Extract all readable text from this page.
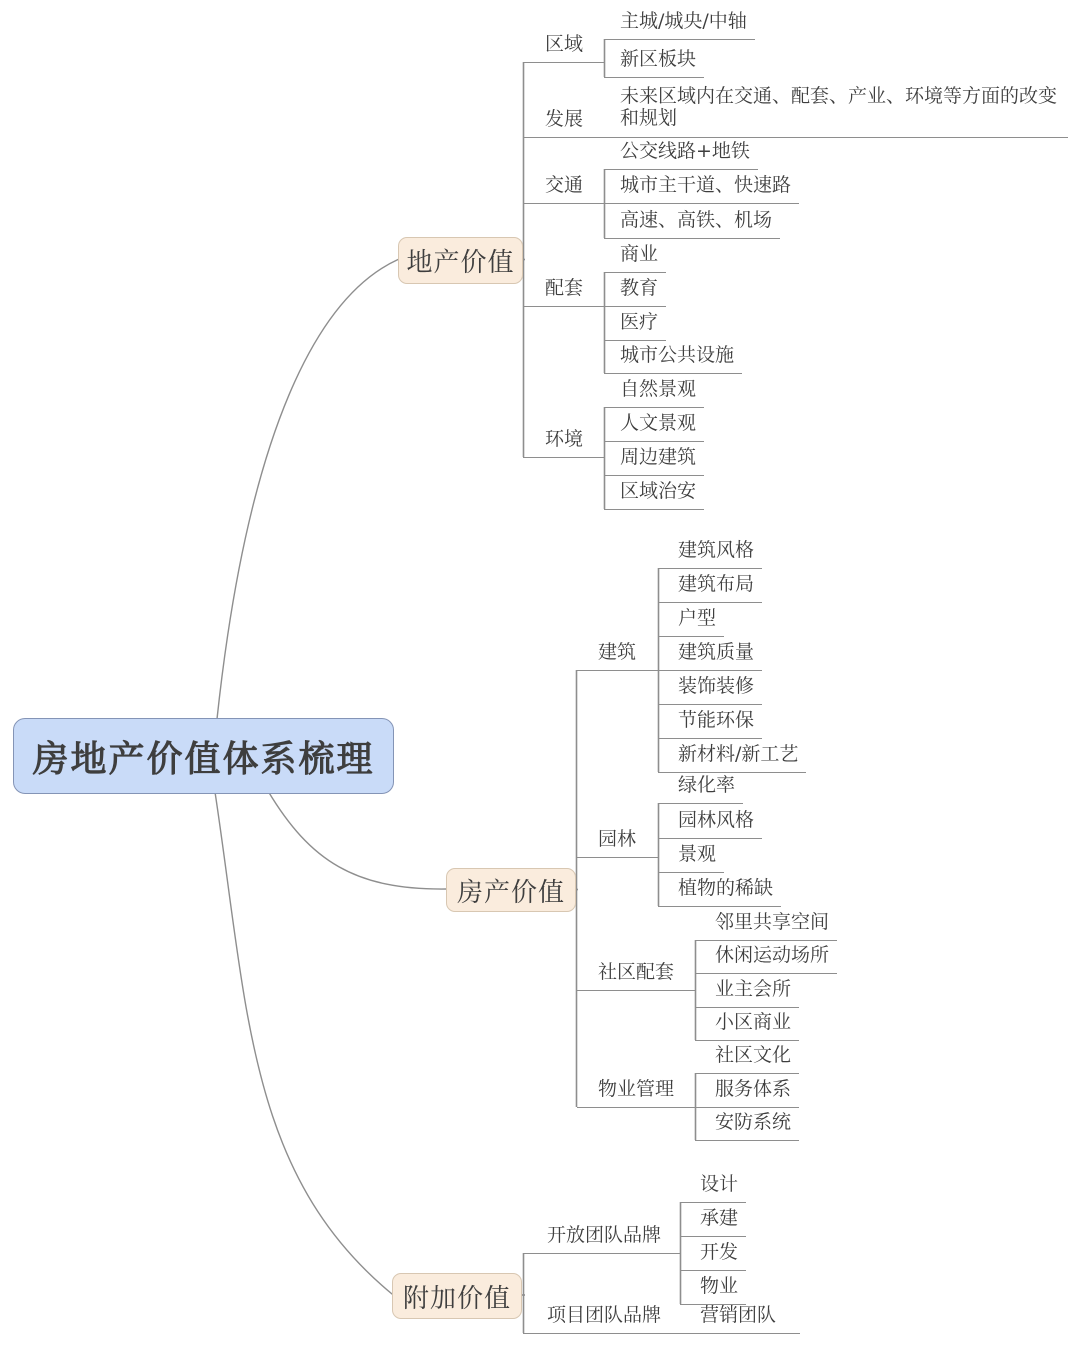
房地产价值体系梳理
地产价值
区域
主城/城央/中轴
新区板块
发展
未来区域内在交通、配套、产业、环境等方面的改变和规划
交通
公交线路+地铁
城市主干道、快速路
高速、高铁、机场
配套
商业
教育
医疗
城市公共设施
环境
自然景观
人文景观
周边建筑
区域治安
房产价值
建筑
建筑风格
建筑布局
户型
建筑质量
装饰装修
节能环保
新材料/新工艺
园林
绿化率
园林风格
景观
植物的稀缺
社区配套
邻里共享空间
休闲运动场所
业主会所
小区商业
物业管理
社区文化
服务体系
安防系统
附加价值
开放团队品牌
设计
承建
开发
物业
项目团队品牌	营销团队
